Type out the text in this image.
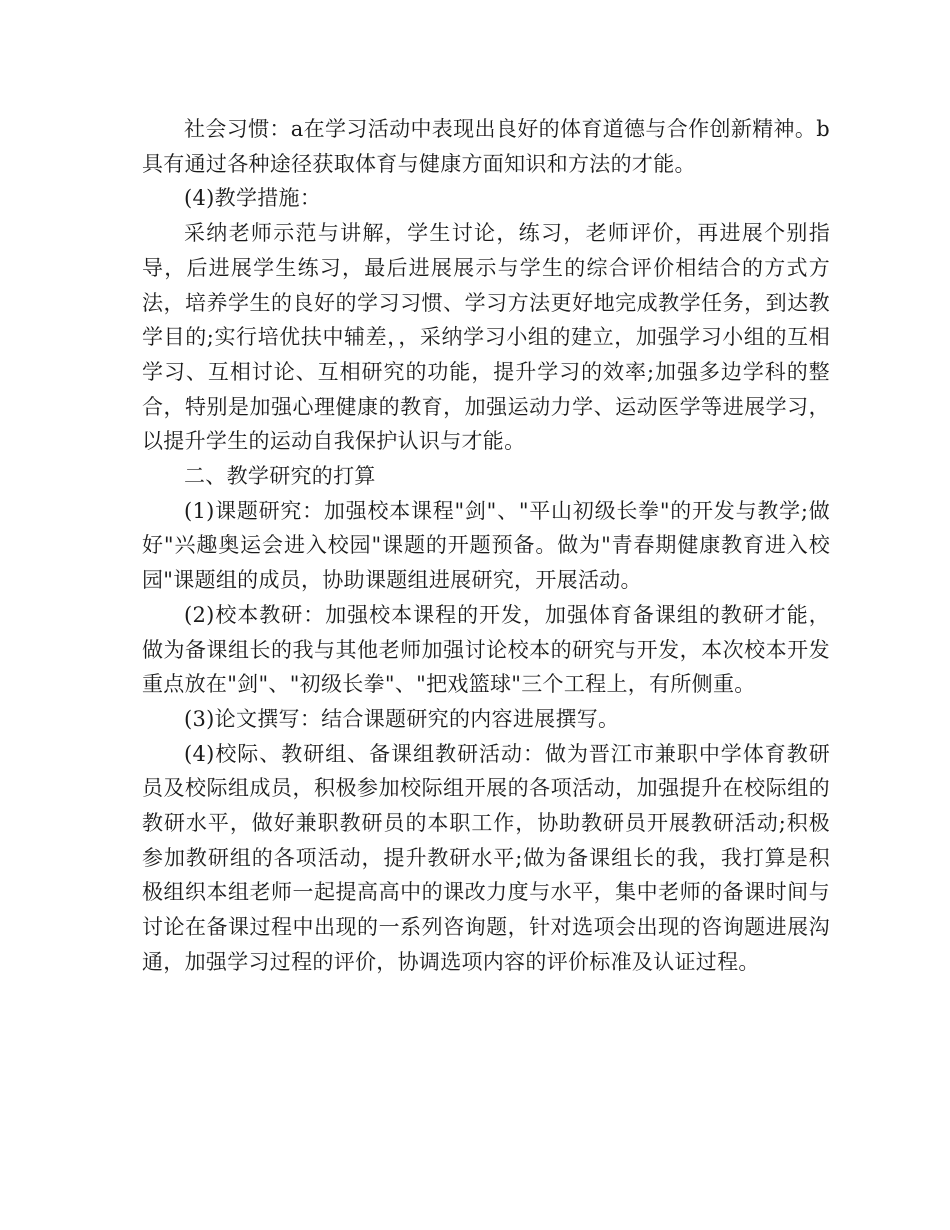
社会习惯：a在学习活动中表现出良好的体育道德与合作创新精神。b具有通过各种途径获取体育与健康方面知识和方法的才能。

(4)教学措施：

采纳老师示范与讲解，学生讨论，练习，老师评价，再进展个别指导，后进展学生练习，最后进展展示与学生的综合评价相结合的方式方法，培养学生的良好的学习习惯、学习方法更好地完成教学任务，到达教学目的;实行培优扶中辅差，，采纳学习小组的建立，加强学习小组的互相学习、互相讨论、互相研究的功能，提升学习的效率;加强多边学科的整合，特别是加强心理健康的教育，加强运动力学、运动医学等进展学习，以提升学生的运动自我保护认识与才能。

二、教学研究的打算

(1)课题研究：加强校本课程"剑"、"平山初级长拳"的开发与教学;做好"兴趣奥运会进入校园"课题的开题预备。做为"青春期健康教育进入校园"课题组的成员，协助课题组进展研究，开展活动。

(2)校本教研：加强校本课程的开发，加强体育备课组的教研才能，做为备课组长的我与其他老师加强讨论校本的研究与开发，本次校本开发重点放在"剑"、"初级长拳"、"把戏篮球"三个工程上，有所侧重。

(3)论文撰写：结合课题研究的内容进展撰写。

(4)校际、教研组、备课组教研活动：做为晋江市兼职中学体育教研员及校际组成员，积极参加校际组开展的各项活动，加强提升在校际组的教研水平，做好兼职教研员的本职工作，协助教研员开展教研活动;积极参加教研组的各项活动，提升教研水平;做为备课组长的我，我打算是积极组织本组老师一起提高高中的课改力度与水平，集中老师的备课时间与讨论在备课过程中出现的一系列咨询题，针对选项会出现的咨询题进展沟通，加强学习过程的评价，协调选项内容的评价标准及认证过程。
